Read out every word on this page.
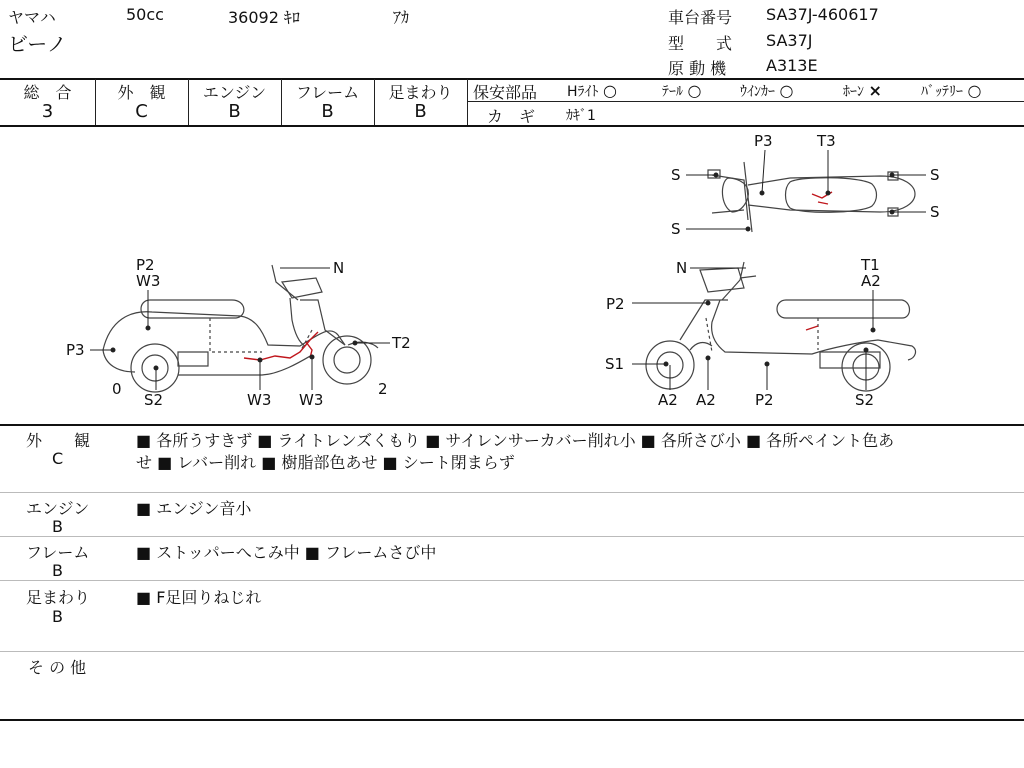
ヤマハ	50cc	36092 ｷﾛ	ｱｶ
ビーノ
車台番号 SA37J-460617
型　　式 SA37J
原 動 機 A313E
総　合
3
外　観
C
エンジン
B
フレーム
B
足まわり
B
保安部品 Hﾗｲﾄ ○	ﾃｰﾙ ○	ｳｲﾝｶｰ ○	ﾎｰﾝ ×	ﾊﾞｯﾃﾘｰ ○
カ　ギ ｶｷﾞ1
P2
W3
N
P3	T2
0	2
S2	W3 W3
P2
N	T1
A2
S1
A2 A2	P2	S2
P3	T3
S
S
S
S
外　　観
C
■ 各所うすきず ■ ライトレンズくもり ■ サイレンサーカバー削れ小 ■ 各所さび小 ■ 各所ペイント色あ
せ ■ レバー削れ ■ 樹脂部色あせ ■ シート閉まらず
エンジン
B
■ エンジン音小
フレーム
B
■ ストッパーへこみ中 ■ フレームさび中
足まわり
B
■ F足回りねじれ
そ の 他
